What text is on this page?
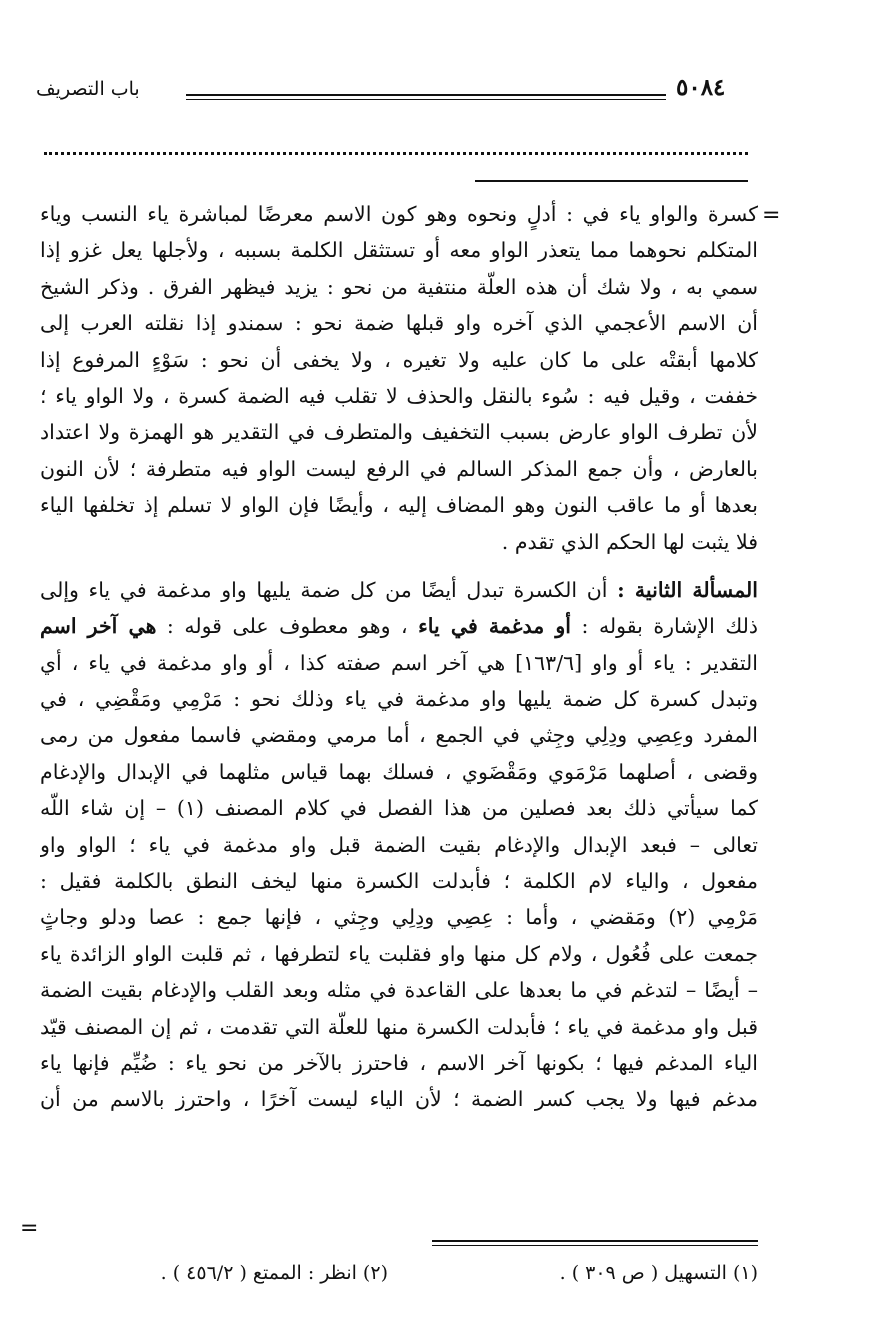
٥٠٨٤
باب التصريف
=
كسرة والواو ياء في : أدلٍ ونحوه وهو كون الاسم معرضًا لمباشرة ياء النسب وياء
المتكلم نحوهما مما يتعذر الواو معه أو تستثقل الكلمة بسببه ، ولأجلها يعل غزو إذا
سمي به ، ولا شك أن هذه العلّة منتفية من نحو : يزيد فيظهر الفرق . وذكر الشيخ
أن الاسم الأعجمي الذي آخره واو قبلها ضمة نحو : سمندو إذا نقلته العرب إلى
كلامها أبقتْه على ما كان عليه ولا تغيره ، ولا يخفى أن نحو : سَوْءٍ المرفوع إذا
خففت ، وقيل فيه : سُوء بالنقل والحذف لا تقلب فيه الضمة كسرة ، ولا الواو ياء ؛
لأن تطرف الواو عارض بسبب التخفيف والمتطرف في التقدير هو الهمزة ولا اعتداد
بالعارض ، وأن جمع المذكر السالم في الرفع ليست الواو فيه متطرفة ؛ لأن النون
بعدها أو ما عاقب النون وهو المضاف إليه ، وأيضًا فإن الواو لا تسلم إذ تخلفها الياء
فلا يثبت لها الحكم الذي تقدم .
المسألة الثانية : أن الكسرة تبدل أيضًا من كل ضمة يليها واو مدغمة في ياء وإلى
ذلك الإشارة بقوله : أو مدغمة في ياء ، وهو معطوف على قوله : هي آخر اسم
التقدير : ياء أو واو [١٦٣/٦] هي آخر اسم صفته كذا ، أو واو مدغمة في ياء ، أي
وتبدل كسرة كل ضمة يليها واو مدغمة في ياء وذلك نحو : مَرْمِي ومَقْضِي ، في
المفرد وعِصِي ودِلِي وجِثي في الجمع ، أما مرمي ومقضي فاسما مفعول من رمى
وقضى ، أصلهما مَرْمَوي ومَقْضَوي ، فسلك بهما قياس مثلهما في الإبدال والإدغام
كما سيأتي ذلك بعد فصلين من هذا الفصل في كلام المصنف (١) – إن شاء اللّه
تعالى – فبعد الإبدال والإدغام بقيت الضمة قبل واو مدغمة في ياء ؛ الواو واو
مفعول ، والياء لام الكلمة ؛ فأبدلت الكسرة منها ليخف النطق بالكلمة فقيل :
مَرْمِي (٢) ومَقضي ، وأما : عِصِي ودِلِي وجِثي ، فإنها جمع : عصا ودلو وجاثٍ
جمعت على فُعُول ، ولام كل منها واو فقلبت ياء لتطرفها ، ثم قلبت الواو الزائدة ياء
– أيضًا – لتدغم في ما بعدها على القاعدة في مثله وبعد القلب والإدغام بقيت الضمة
قبل واو مدغمة في ياء ؛ فأبدلت الكسرة منها للعلّة التي تقدمت ، ثم إن المصنف قيّد
الياء المدغم فيها ؛ بكونها آخر الاسم ، فاحترز بالآخر من نحو ياء : ضُيِّم فإنها ياء
مدغم فيها ولا يجب كسر الضمة ؛ لأن الياء ليست آخرًا ، واحترز بالاسم من أن
=
(١) التسهيل ( ص ٣٠٩ ) .
(٢) انظر : الممتع ( ٤٥٦/٢ ) .
